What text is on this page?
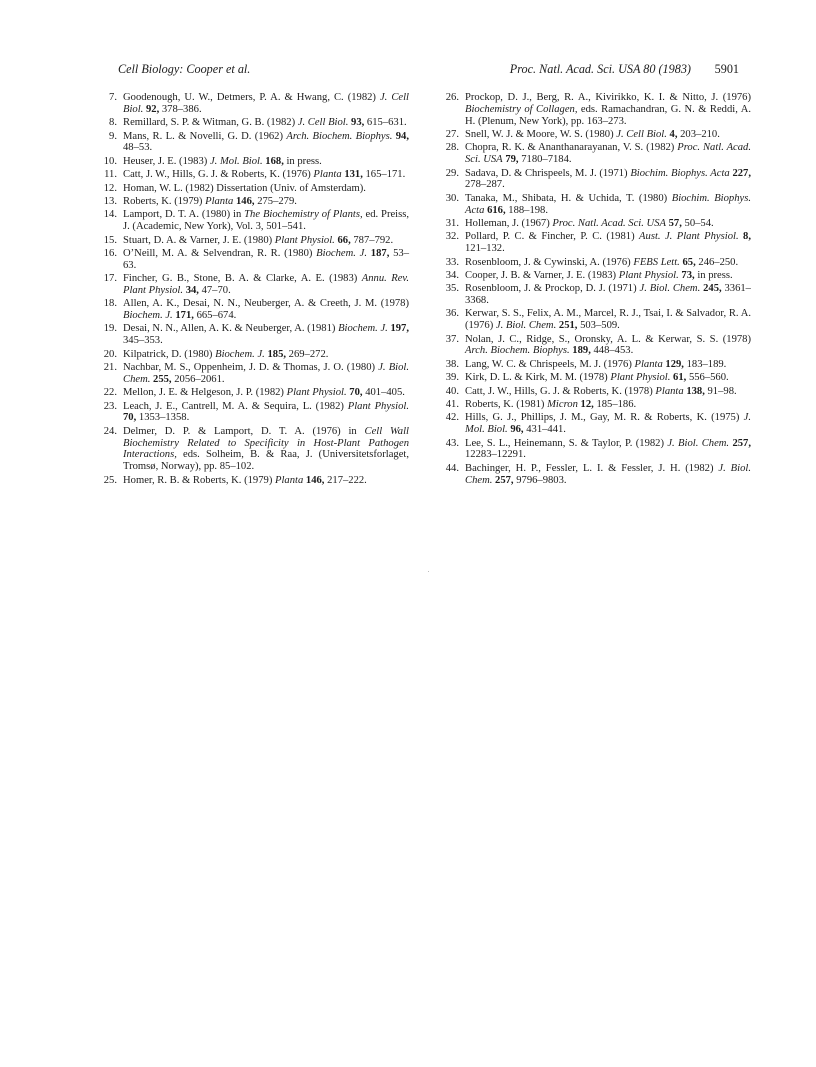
Cell Biology: Cooper et al.	Proc. Natl. Acad. Sci. USA 80 (1983) 5901
7. Goodenough, U. W., Detmers, P. A. & Hwang, C. (1982) J. Cell Biol. 92, 378–386.
8. Remillard, S. P. & Witman, G. B. (1982) J. Cell Biol. 93, 615–631.
9. Mans, R. L. & Novelli, G. D. (1962) Arch. Biochem. Biophys. 94, 48–53.
10. Heuser, J. E. (1983) J. Mol. Biol. 168, in press.
11. Catt, J. W., Hills, G. J. & Roberts, K. (1976) Planta 131, 165–171.
12. Homan, W. L. (1982) Dissertation (Univ. of Amsterdam).
13. Roberts, K. (1979) Planta 146, 275–279.
14. Lamport, D. T. A. (1980) in The Biochemistry of Plants, ed. Preiss, J. (Academic, New York), Vol. 3, 501–541.
15. Stuart, D. A. & Varner, J. E. (1980) Plant Physiol. 66, 787–792.
16. O’Neill, M. A. & Selvendran, R. R. (1980) Biochem. J. 187, 53–63.
17. Fincher, G. B., Stone, B. A. & Clarke, A. E. (1983) Annu. Rev. Plant Physiol. 34, 47–70.
18. Allen, A. K., Desai, N. N., Neuberger, A. & Creeth, J. M. (1978) Biochem. J. 171, 665–674.
19. Desai, N. N., Allen, A. K. & Neuberger, A. (1981) Biochem. J. 197, 345–353.
20. Kilpatrick, D. (1980) Biochem. J. 185, 269–272.
21. Nachbar, M. S., Oppenheim, J. D. & Thomas, J. O. (1980) J. Biol. Chem. 255, 2056–2061.
22. Mellon, J. E. & Helgeson, J. P. (1982) Plant Physiol. 70, 401–405.
23. Leach, J. E., Cantrell, M. A. & Sequira, L. (1982) Plant Physiol. 70, 1353–1358.
24. Delmer, D. P. & Lamport, D. T. A. (1976) in Cell Wall Biochemistry Related to Specificity in Host-Plant Pathogen Interactions, eds. Solheim, B. & Raa, J. (Universitetsforlaget, Tromsø, Norway), pp. 85–102.
25. Homer, R. B. & Roberts, K. (1979) Planta 146, 217–222.
26. Prockop, D. J., Berg, R. A., Kivirikko, K. I. & Nitto, J. (1976) Biochemistry of Collagen, eds. Ramachandran, G. N. & Reddi, A. H. (Plenum, New York), pp. 163–273.
27. Snell, W. J. & Moore, W. S. (1980) J. Cell Biol. 4, 203–210.
28. Chopra, R. K. & Ananthanarayanan, V. S. (1982) Proc. Natl. Acad. Sci. USA 79, 7180–7184.
29. Sadava, D. & Chrispeels, M. J. (1971) Biochim. Biophys. Acta 227, 278–287.
30. Tanaka, M., Shibata, H. & Uchida, T. (1980) Biochim. Biophys. Acta 616, 188–198.
31. Holleman, J. (1967) Proc. Natl. Acad. Sci. USA 57, 50–54.
32. Pollard, P. C. & Fincher, P. C. (1981) Aust. J. Plant Physiol. 8, 121–132.
33. Rosenbloom, J. & Cywinski, A. (1976) FEBS Lett. 65, 246–250.
34. Cooper, J. B. & Varner, J. E. (1983) Plant Physiol. 73, in press.
35. Rosenbloom, J. & Prockop, D. J. (1971) J. Biol. Chem. 245, 3361–3368.
36. Kerwar, S. S., Felix, A. M., Marcel, R. J., Tsai, I. & Salvador, R. A. (1976) J. Biol. Chem. 251, 503–509.
37. Nolan, J. C., Ridge, S., Oronsky, A. L. & Kerwar, S. S. (1978) Arch. Biochem. Biophys. 189, 448–453.
38. Lang, W. C. & Chrispeels, M. J. (1976) Planta 129, 183–189.
39. Kirk, D. L. & Kirk, M. M. (1978) Plant Physiol. 61, 556–560.
40. Catt, J. W., Hills, G. J. & Roberts, K. (1978) Planta 138, 91–98.
41. Roberts, K. (1981) Micron 12, 185–186.
42. Hills, G. J., Phillips, J. M., Gay, M. R. & Roberts, K. (1975) J. Mol. Biol. 96, 431–441.
43. Lee, S. L., Heinemann, S. & Taylor, P. (1982) J. Biol. Chem. 257, 12283–12291.
44. Bachinger, H. P., Fessler, L. I. & Fessler, J. H. (1982) J. Biol. Chem. 257, 9796–9803.
